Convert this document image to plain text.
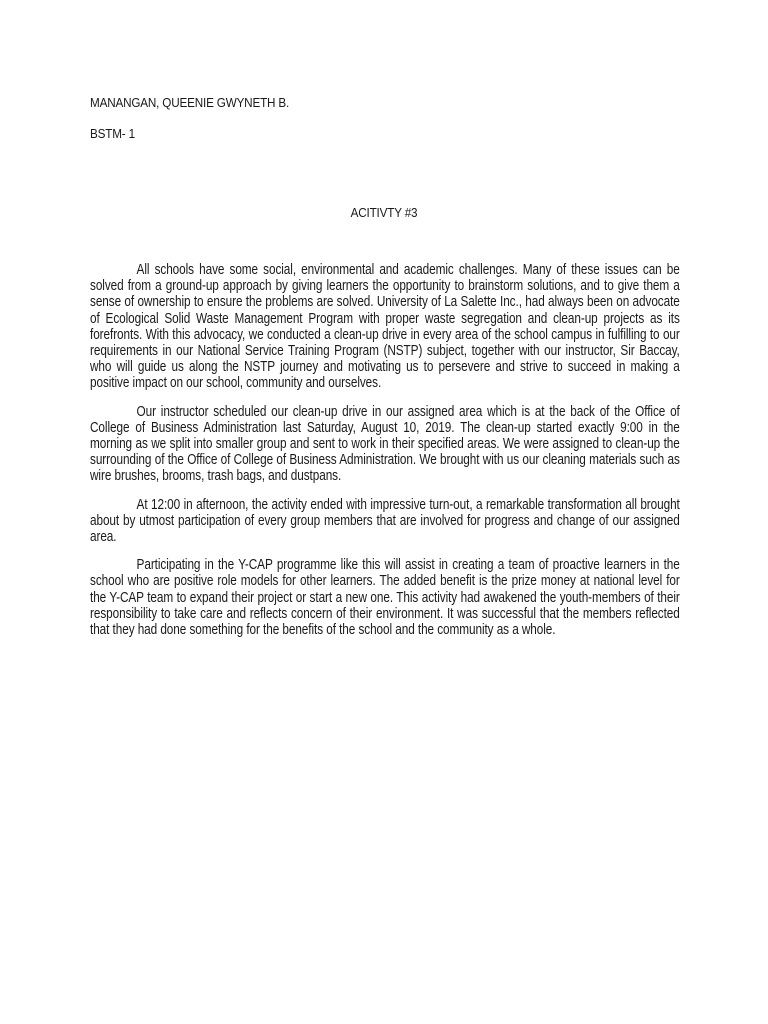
MANANGAN, QUEENIE GWYNETH B.
BSTM- 1
ACITIVTY #3

All schools have some social, environmental and academic challenges. Many of these issues can be solved from a ground-up approach by giving learners the opportunity to brainstorm solutions, and to give them a sense of ownership to ensure the problems are solved. University of La Salette Inc., had always been on advocate of Ecological Solid Waste Management Program with proper waste segregation and clean-up projects as its forefronts. With this advocacy, we conducted a clean-up drive in every area of the school campus in fulfilling to our requirements in our National Service Training Program (NSTP) subject, together with our instructor, Sir Baccay, who will guide us along the NSTP journey and motivating us to persevere and strive to succeed in making a positive impact on our school, community and ourselves.

Our instructor scheduled our clean-up drive in our assigned area which is at the back of the Office of College of Business Administration last Saturday, August 10, 2019. The clean-up started exactly 9:00 in the morning as we split into smaller group and sent to work in their specified areas. We were assigned to clean-up the surrounding of the Office of College of Business Administration. We brought with us our cleaning materials such as wire brushes, brooms, trash bags, and dustpans.

At 12:00 in afternoon, the activity ended with impressive turn-out, a remarkable transformation all brought about by utmost participation of every group members that are involved for progress and change of our assigned area.

Participating in the Y-CAP programme like this will assist in creating a team of proactive learners in the school who are positive role models for other learners. The added benefit is the prize money at national level for the Y-CAP team to expand their project or start a new one. This activity had awakened the youth-members of their responsibility to take care and reflects concern of their environment. It was successful that the members reflected that they had done something for the benefits of the school and the community as a whole.
